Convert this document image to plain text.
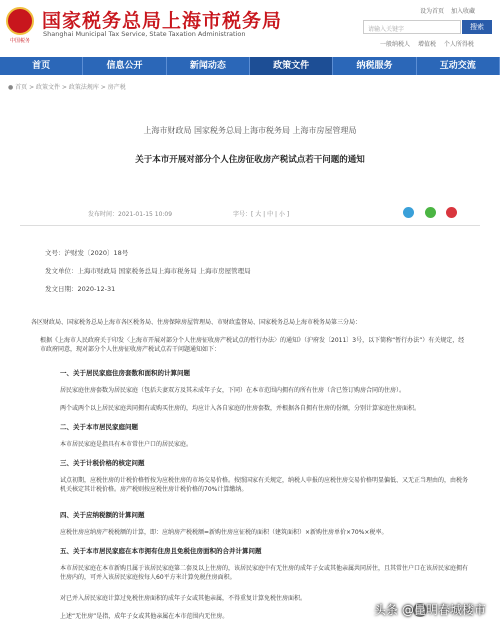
中国税务
国家税务总局上海市税务局
Shanghai Municipal Tax Service, State Taxation Administration
设为首页 加入收藏
请输入关键字	搜索
一般纳税人 增值税 个人所得税
首页	信息公开	新闻动态	政策文件	纳税服务	互动交流
● 首页 > 政策文件 > 政策法规库 > 房产税
上海市财政局 国家税务总局上海市税务局 上海市房屋管理局
关于本市开展对部分个人住房征收房产税试点若干问题的通知
发布时间：2021-01-15 10:09	字号：[ 大 | 中 | 小 ]
文号：沪财发〔2020〕18号
发文单位：上海市财政局 国家税务总局上海市税务局 上海市房屋管理局
发文日期：2020-12-31
各区财政局、国家税务总局上海市各区税务局、住房保障房屋管理局、市财政监督局、国家税务总局上海市税务局第三分局：
根据《上海市人民政府关于印发〈上海市开展对部分个人住房征收房产税试点的暂行办法〉的通知》（沪府发〔2011〕3号，以下简称“暂行办法”）有关规定，经市政府同意，现对部分个人住房征收房产税试点若干问题通知如下：
一、关于居民家庭住房套数和面积的计算问题
居民家庭住房套数为居民家庭（包括夫妻双方及其未成年子女，下同）在本市范围内拥有的所有住房（含已签订购房合同的住房）。
两个或两个以上居民家庭共同拥有或购买住房的，均应计入各自家庭的住房套数，并根据各自拥有住房的份额，分别计算家庭住房面积。
二、关于本市居民家庭问题
本市居民家庭是指具有本市常住户口的居民家庭。
三、关于计税价格的核定问题
试点初期，应税住房的计税价格暂按为应税住房的市场交易价格。按照国家有关规定，纳税人申报的应税住房交易价格明显偏低、又无正当理由的，由税务机关核定其计税价格。房产税则按应税住房计税价格的70%计算缴纳。
四、关于应纳税额的计算问题
应税住房应纳房产税税额的计算，即：应纳房产税税额=新购住房应征税的面积（建筑面积）×新购住房单价×70%×税率。
五、关于本市居民家庭在本市拥有住房且免税住房面积的合并计算问题
本市居民家庭在本市新购且属于该居民家庭第二套及以上住房的，该居民家庭中有无住房的成年子女或其他亲属共同居住，且其常住户口在该居民家庭拥有住房内的，可并入该居民家庭按每人60平方米计算免税住房面积。
对已并入居民家庭计算过免税住房面积的成年子女或其他亲属，不得重复计算免税住房面积。
上述“无住房”是指，成年子女或其他亲属在本市范围内无住房。	头条 @昆明春城楼市
